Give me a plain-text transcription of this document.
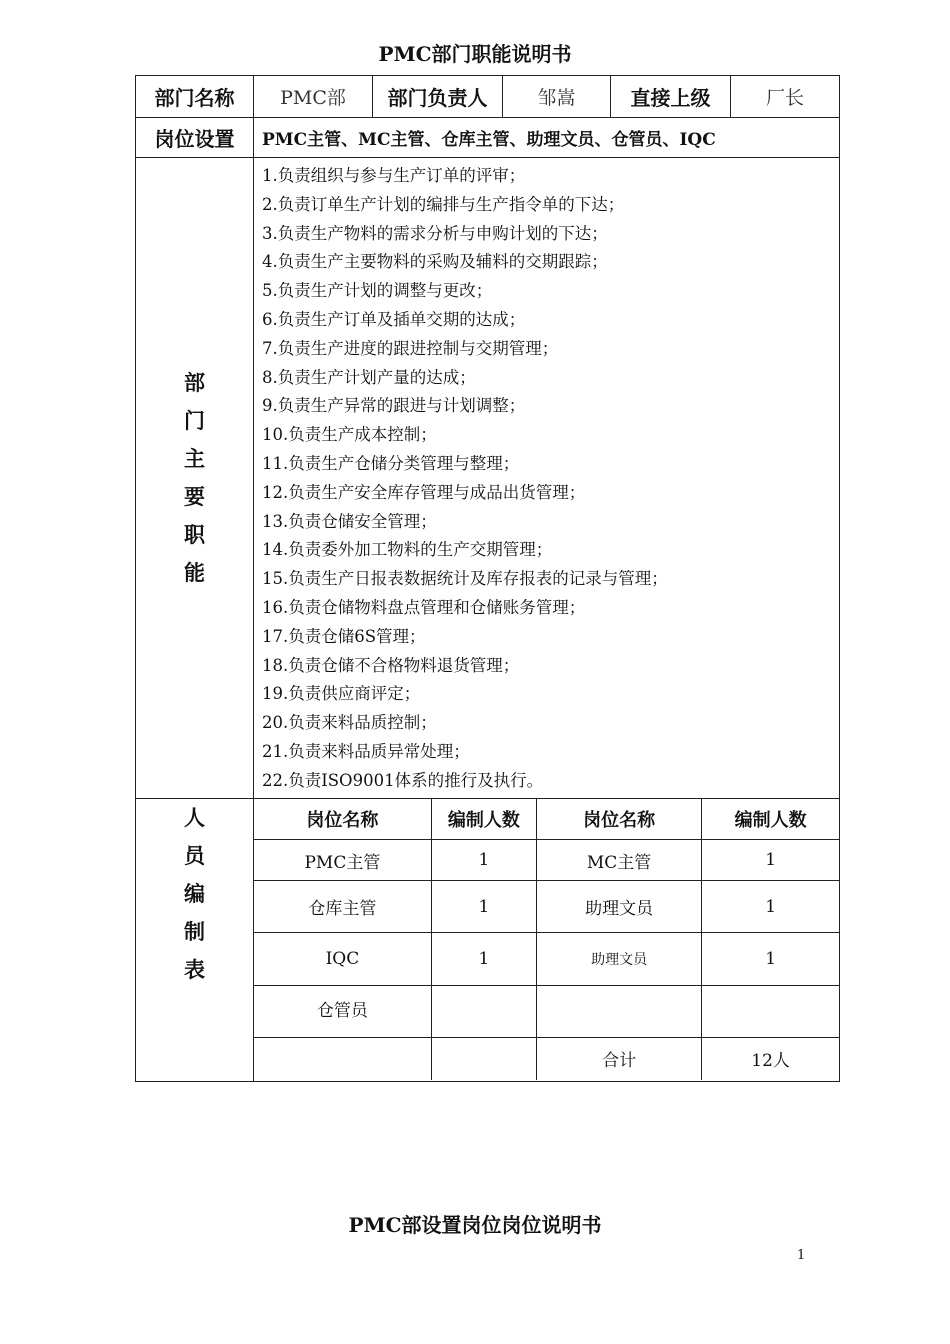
PMC部门职能说明书
部门名称	PMC部	部门负责人	邹嵩	直接上级	厂长
岗位设置	PMC主管、MC主管、仓库主管、助理文员、仓管员、IQC

部
门
主
要
职
能

1.负责组织与参与生产订单的评审；
2.负责订单生产计划的编排与生产指令单的下达；
3.负责生产物料的需求分析与申购计划的下达；
4.负责生产主要物料的采购及辅料的交期跟踪；
5.负责生产计划的调整与更改；
6.负责生产订单及插单交期的达成；
7.负责生产进度的跟进控制与交期管理；
8.负责生产计划产量的达成；
9.负责生产异常的跟进与计划调整；
10.负责生产成本控制；
11.负责生产仓储分类管理与整理；
12.负责生产安全库存管理与成品出货管理；
13.负责仓储安全管理；
14.负责委外加工物料的生产交期管理；
15.负责生产日报表数据统计及库存报表的记录与管理；
16.负责仓储物料盘点管理和仓储账务管理；
17.负责仓储6S管理；
18.负责仓储不合格物料退货管理；
19.负责供应商评定；
20.负责来料品质控制；
21.负责来料品质异常处理；
22.负责ISO9001体系的推行及执行。

人
员
编
制
表

岗位名称	编制人数	岗位名称	编制人数
PMC主管	1	MC主管	1
仓库主管	1	助理文员	1
IQC	1	助理文员	1
仓管员			
		合计	12人
PMC部设置岗位岗位说明书
1
